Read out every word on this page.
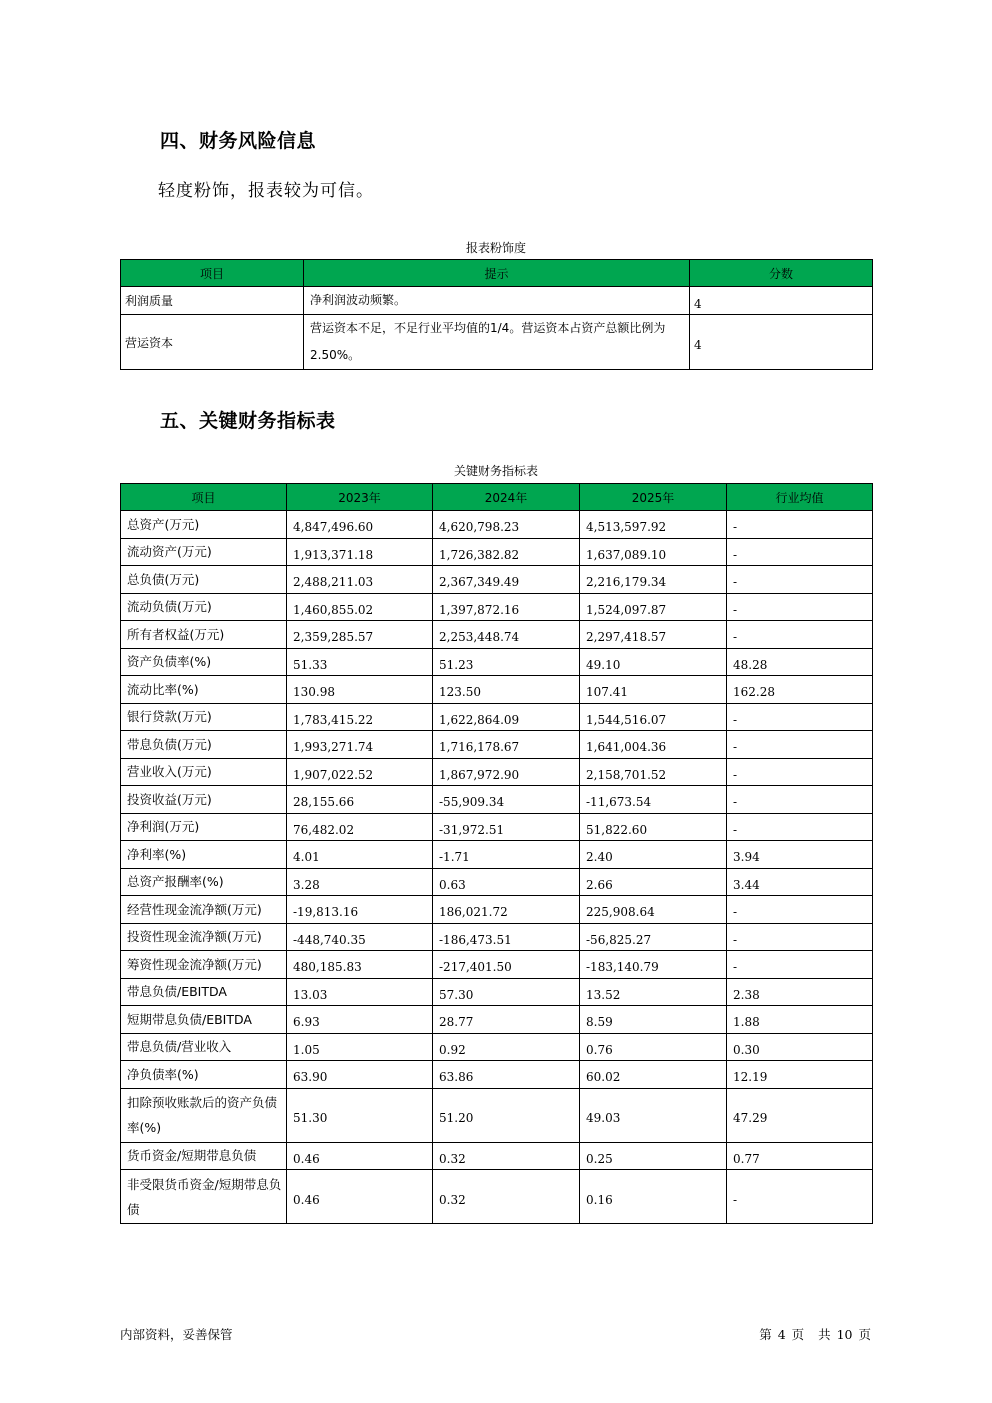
四、财务风险信息
轻度粉饰，报表较为可信。
报表粉饰度
项目	提示	分数
利润质量	净利润波动频繁。	4
营运资本	营运资本不足，不足行业平均值的1/4。营运资本占资产总额比例为2.50%。	4
五、关键财务指标表
关键财务指标表
项目	2023年	2024年	2025年	行业均值
总资产(万元)	4,847,496.60	4,620,798.23	4,513,597.92	-
流动资产(万元)	1,913,371.18	1,726,382.82	1,637,089.10	-
总负债(万元)	2,488,211.03	2,367,349.49	2,216,179.34	-
流动负债(万元)	1,460,855.02	1,397,872.16	1,524,097.87	-
所有者权益(万元)	2,359,285.57	2,253,448.74	2,297,418.57	-
资产负债率(%)	51.33	51.23	49.10	48.28
流动比率(%)	130.98	123.50	107.41	162.28
银行贷款(万元)	1,783,415.22	1,622,864.09	1,544,516.07	-
带息负债(万元)	1,993,271.74	1,716,178.67	1,641,004.36	-
营业收入(万元)	1,907,022.52	1,867,972.90	2,158,701.52	-
投资收益(万元)	28,155.66	-55,909.34	-11,673.54	-
净利润(万元)	76,482.02	-31,972.51	51,822.60	-
净利率(%)	4.01	-1.71	2.40	3.94
总资产报酬率(%)	3.28	0.63	2.66	3.44
经营性现金流净额(万元)	-19,813.16	186,021.72	225,908.64	-
投资性现金流净额(万元)	-448,740.35	-186,473.51	-56,825.27	-
筹资性现金流净额(万元)	480,185.83	-217,401.50	-183,140.79	-
带息负债/EBITDA	13.03	57.30	13.52	2.38
短期带息负债/EBITDA	6.93	28.77	8.59	1.88
带息负债/营业收入	1.05	0.92	0.76	0.30
净负债率(%)	63.90	63.86	60.02	12.19
扣除预收账款后的资产负债率(%)	51.30	51.20	49.03	47.29
货币资金/短期带息负债	0.46	0.32	0.25	0.77
非受限货币资金/短期带息负债	0.46	0.32	0.16	-
内部资料，妥善保管	第 4 页 共 10 页
